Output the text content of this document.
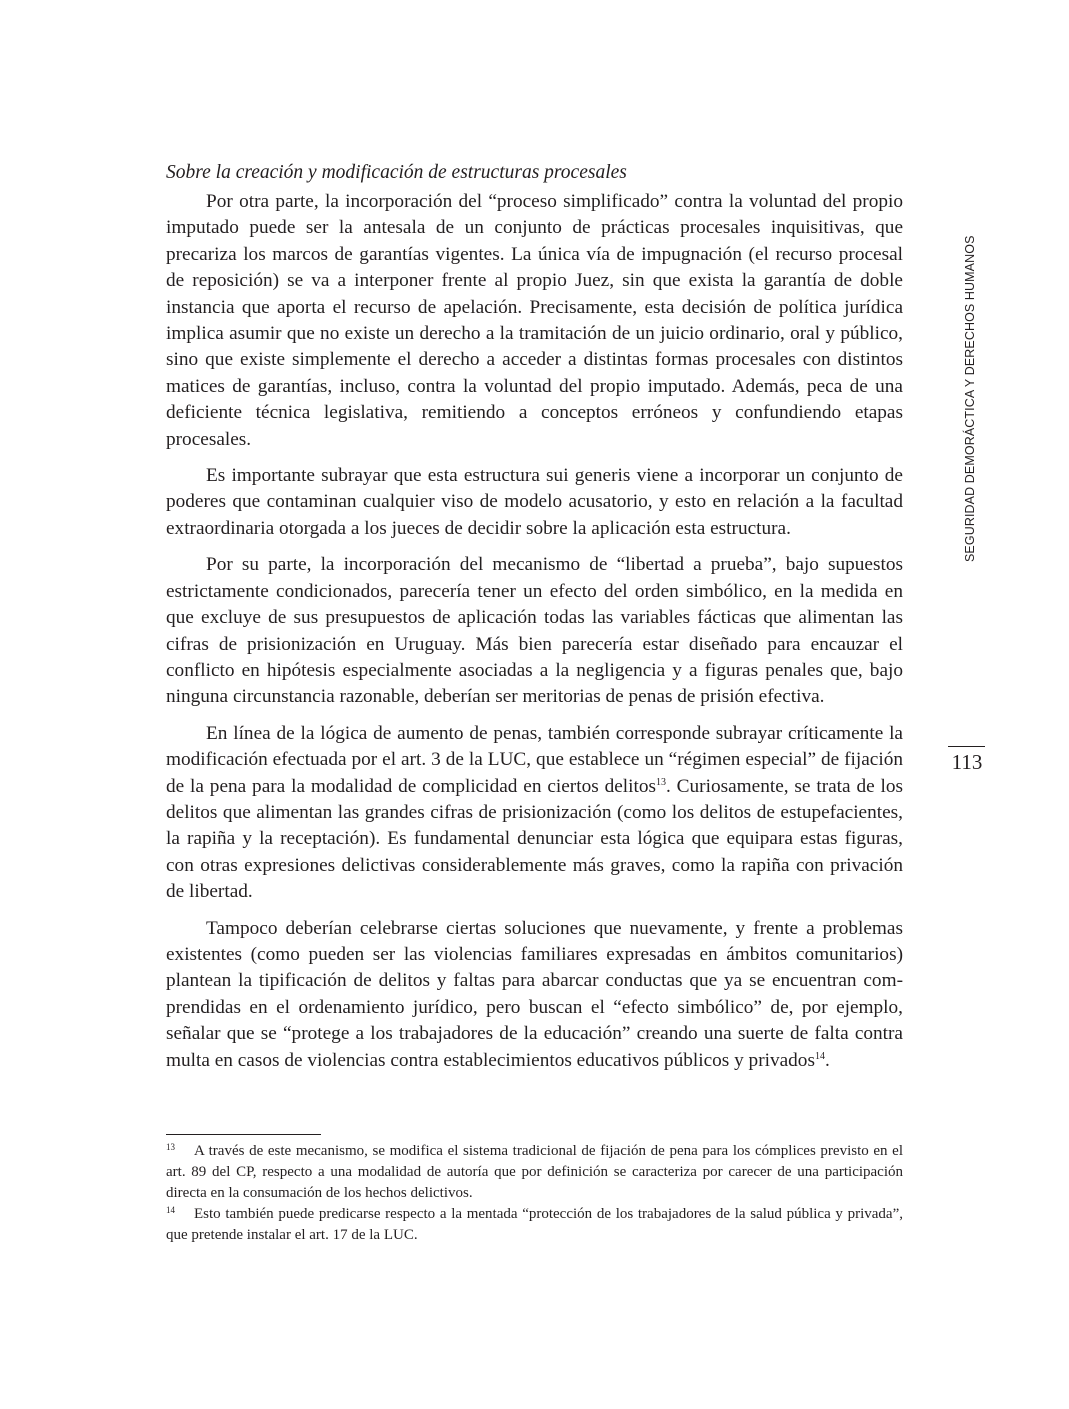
Sobre la creación y modificación de estructuras procesales

Por otra parte, la incorporación del “proceso simplificado” contra la voluntad del propio imputado puede ser la antesala de un conjunto de prácticas procesales inquisitivas, que precariza los marcos de garantías vigentes. La única vía de impugnación (el recurso procesal de reposición) se va a interponer frente al propio Juez, sin que exista la garantía de doble instancia que aporta el recurso de apelación. Precisamente, esta decisión de política jurídica implica asumir que no existe un derecho a la tramitación de un juicio ordinario, oral y público, sino que existe simplemente el derecho a acceder a distintas formas procesales con distintos matices de garantías, incluso, contra la voluntad del propio imputado. Además, peca de una deficiente técnica legislativa, remitiendo a conceptos erróneos y confundiendo etapas procesales.

Es importante subrayar que esta estructura sui generis viene a incorporar un conjunto de poderes que contaminan cualquier viso de modelo acusatorio, y esto en relación a la facultad extraordinaria otorgada a los jueces de decidir sobre la aplicación esta estructura.

Por su parte, la incorporación del mecanismo de “libertad a prueba”, bajo supuestos estrictamente condicionados, parecería tener un efecto del orden simbólico, en la medida en que excluye de sus presupuestos de aplicación todas las variables fácticas que alimentan las cifras de prisionización en Uruguay. Más bien parecería estar diseñado para encauzar el conflicto en hipótesis especialmente asociadas a la negligencia y a figuras penales que, bajo ninguna circunstancia razonable, deberían ser meritorias de penas de prisión efectiva.

En línea de la lógica de aumento de penas, también corresponde subrayar críticamente la modificación efectuada por el art. 3 de la LUC, que establece un “régimen especial” de fijación de la pena para la modalidad de complicidad en ciertos delitos$^{13}$. Curiosamente, se trata de los delitos que alimentan las grandes cifras de prisionización (como los delitos de estupefacientes, la rapiña y la receptación). Es fundamental denunciar esta lógica que equipara estas figuras, con otras expresiones delictivas considerablemente más graves, como la rapiña con privación de libertad.

Tampoco deberían celebrarse ciertas soluciones que nuevamente, y frente a problemas existentes (como pueden ser las violencias familiares expresadas en ámbitos comunitarios) plantean la tipificación de delitos y faltas para abarcar conductas que ya se encuentran comprendidas en el ordenamiento jurídico, pero buscan el “efecto simbólico” de, por ejemplo, señalar que se “protege a los trabajadores de la educación” creando una suerte de falta contra multa en casos de violencias contra establecimientos educativos públicos y privados$^{14}$.

13 A través de este mecanismo, se modifica el sistema tradicional de fijación de pena para los cómplices previsto en el art. 89 del CP, respecto a una modalidad de autoría que por definición se caracteriza por carecer de una participación directa en la consumación de los hechos delictivos.

14 Esto también puede predicarse respecto a la mentada “protección de los trabajadores de la salud pública y privada”, que pretende instalar el art. 17 de la LUC.

SEGURIDAD DEMORÁCTICA Y DERECHOS HUMANOS
113
